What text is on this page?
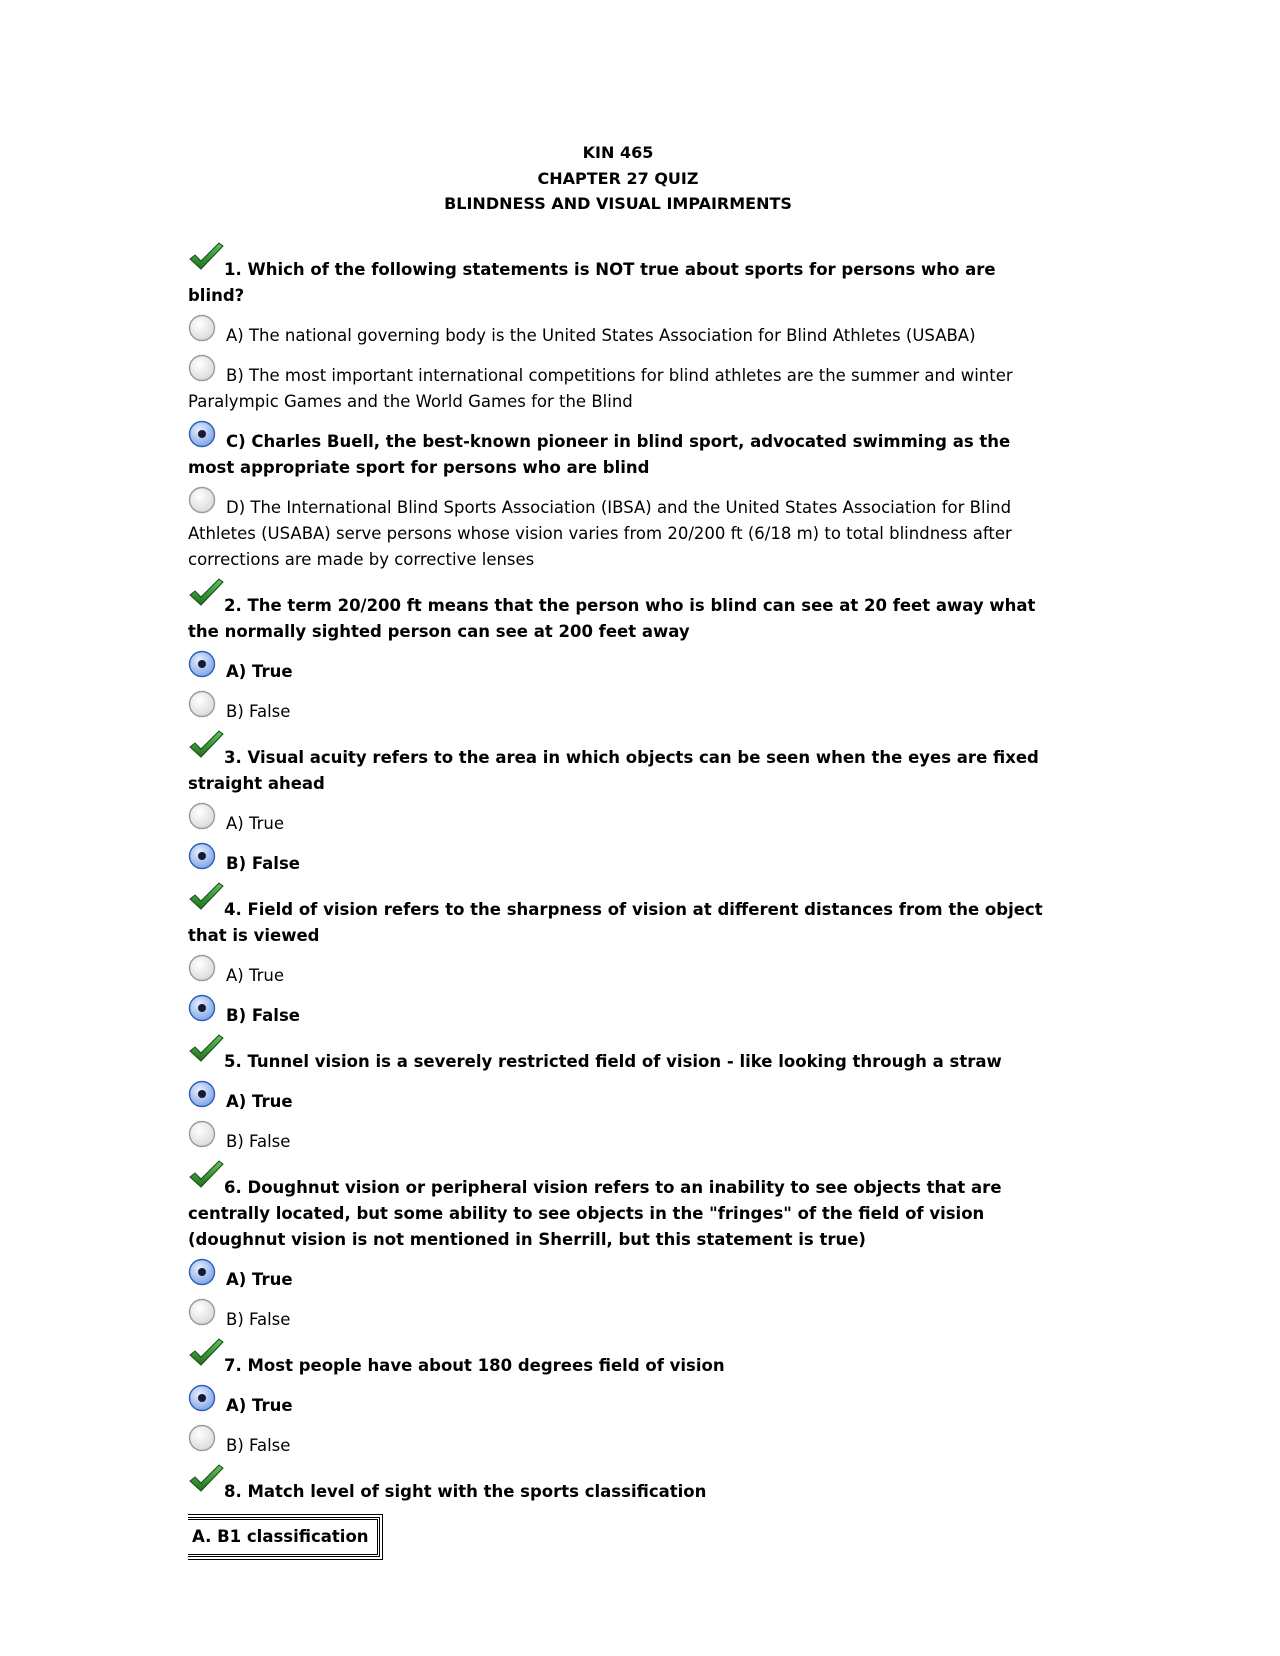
KIN 465
CHAPTER 27 QUIZ
BLINDNESS AND VISUAL IMPAIRMENTS
1. Which of the following statements is NOT true about sports for persons who are blind?
A) The national governing body is the United States Association for Blind Athletes (USABA)
B) The most important international competitions for blind athletes are the summer and winter Paralympic Games and the World Games for the Blind
C) Charles Buell, the best-known pioneer in blind sport, advocated swimming as the most appropriate sport for persons who are blind
D) The International Blind Sports Association (IBSA) and the United States Association for Blind Athletes (USABA) serve persons whose vision varies from 20/200 ft (6/18 m) to total blindness after corrections are made by corrective lenses
2. The term 20/200 ft means that the person who is blind can see at 20 feet away what the normally sighted person can see at 200 feet away
A) True
B) False
3. Visual acuity refers to the area in which objects can be seen when the eyes are fixed straight ahead
A) True
B) False
4. Field of vision refers to the sharpness of vision at different distances from the object that is viewed
A) True
B) False
5. Tunnel vision is a severely restricted field of vision - like looking through a straw
A) True
B) False
6. Doughnut vision or peripheral vision refers to an inability to see objects that are centrally located, but some ability to see objects in the "fringes" of the field of vision (doughnut vision is not mentioned in Sherrill, but this statement is true)
A) True
B) False
7. Most people have about 180 degrees field of vision
A) True
B) False
8. Match level of sight with the sports classification
A. B1 classification
